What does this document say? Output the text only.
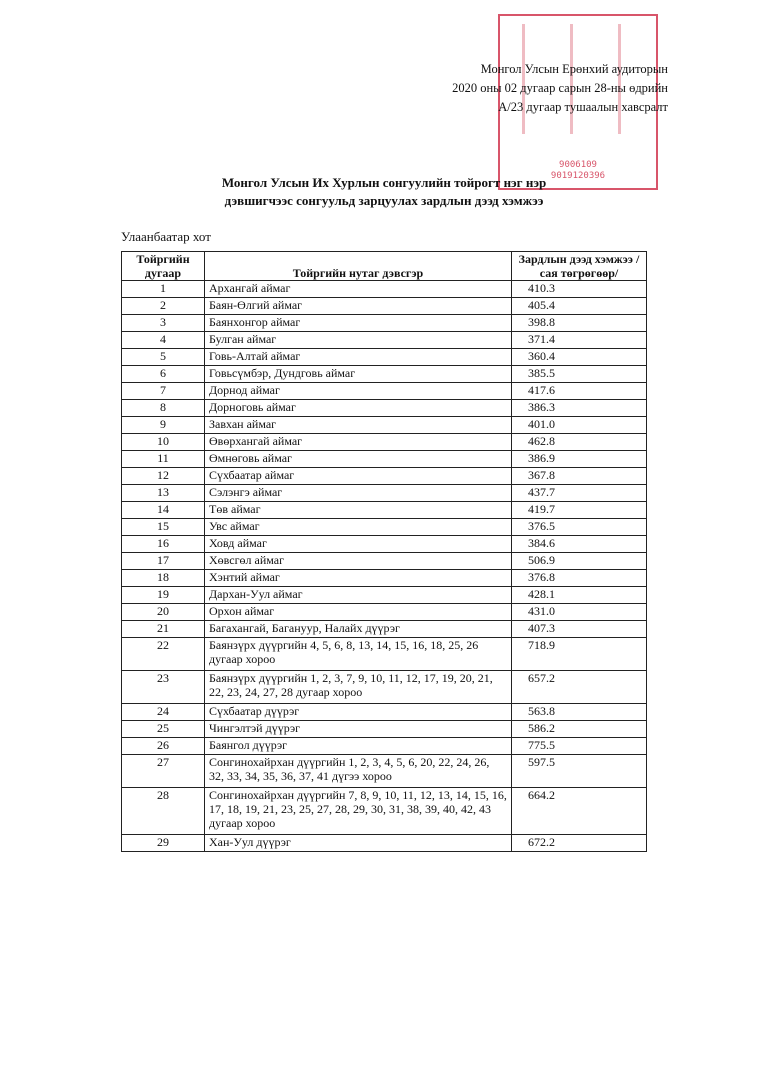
9006109
9019120396
Монгол Улсын Ерөнхий аудиторын
2020 оны 02 дугаар сарын 28-ны өдрийн
A/23 дугаар тушаалын хавсралт
Монгол Улсын Их Хурлын сонгуулийн тойрогт нэг нэр
дэвшигчээс сонгуульд зарцуулах зардлын дээд хэмжээ
Улаанбаатар хот
Тойргийн дугаар	Тойргийн нутаг дэвсгэр	Зардлын дээд хэмжээ /сая төгрөгөөр/
1	Архангай аймаг	410.3
2	Баян-Өлгий аймаг	405.4
3	Баянхонгор аймаг	398.8
4	Булган аймаг	371.4
5	Говь-Алтай аймаг	360.4
6	Говьсүмбэр, Дундговь аймаг	385.5
7	Дорнод аймаг	417.6
8	Дорноговь аймаг	386.3
9	Завхан аймаг	401.0
10	Өвөрхангай аймаг	462.8
11	Өмнөговь аймаг	386.9
12	Сүхбаатар аймаг	367.8
13	Сэлэнгэ аймаг	437.7
14	Төв аймаг	419.7
15	Увс аймаг	376.5
16	Ховд аймаг	384.6
17	Хөвсгөл аймаг	506.9
18	Хэнтий аймаг	376.8
19	Дархан-Уул аймаг	428.1
20	Орхон аймаг	431.0
21	Багахангай, Багануур, Налайх дүүрэг	407.3
22	Баянзүрх дүүргийн 4, 5, 6, 8, 13, 14, 15, 16, 18, 25, 26 дугаар хороо	718.9
23	Баянзүрх дүүргийн 1, 2, 3, 7, 9, 10, 11, 12, 17, 19, 20, 21, 22, 23, 24, 27, 28 дугаар хороо	657.2
24	Сүхбаатар дүүрэг	563.8
25	Чингэлтэй дүүрэг	586.2
26	Баянгол дүүрэг	775.5
27	Сонгинохайрхан дүүргийн 1, 2, 3, 4, 5, 6, 20, 22, 24, 26, 32, 33, 34, 35, 36, 37, 41 дүгээ хороо	597.5
28	Сонгинохайрхан дүүргийн 7, 8, 9, 10, 11, 12, 13, 14, 15, 16, 17, 18, 19, 21, 23, 25, 27, 28, 29, 30, 31, 38, 39, 40, 42, 43 дугаар хороо	664.2
29	Хан-Уул дүүрэг	672.2
